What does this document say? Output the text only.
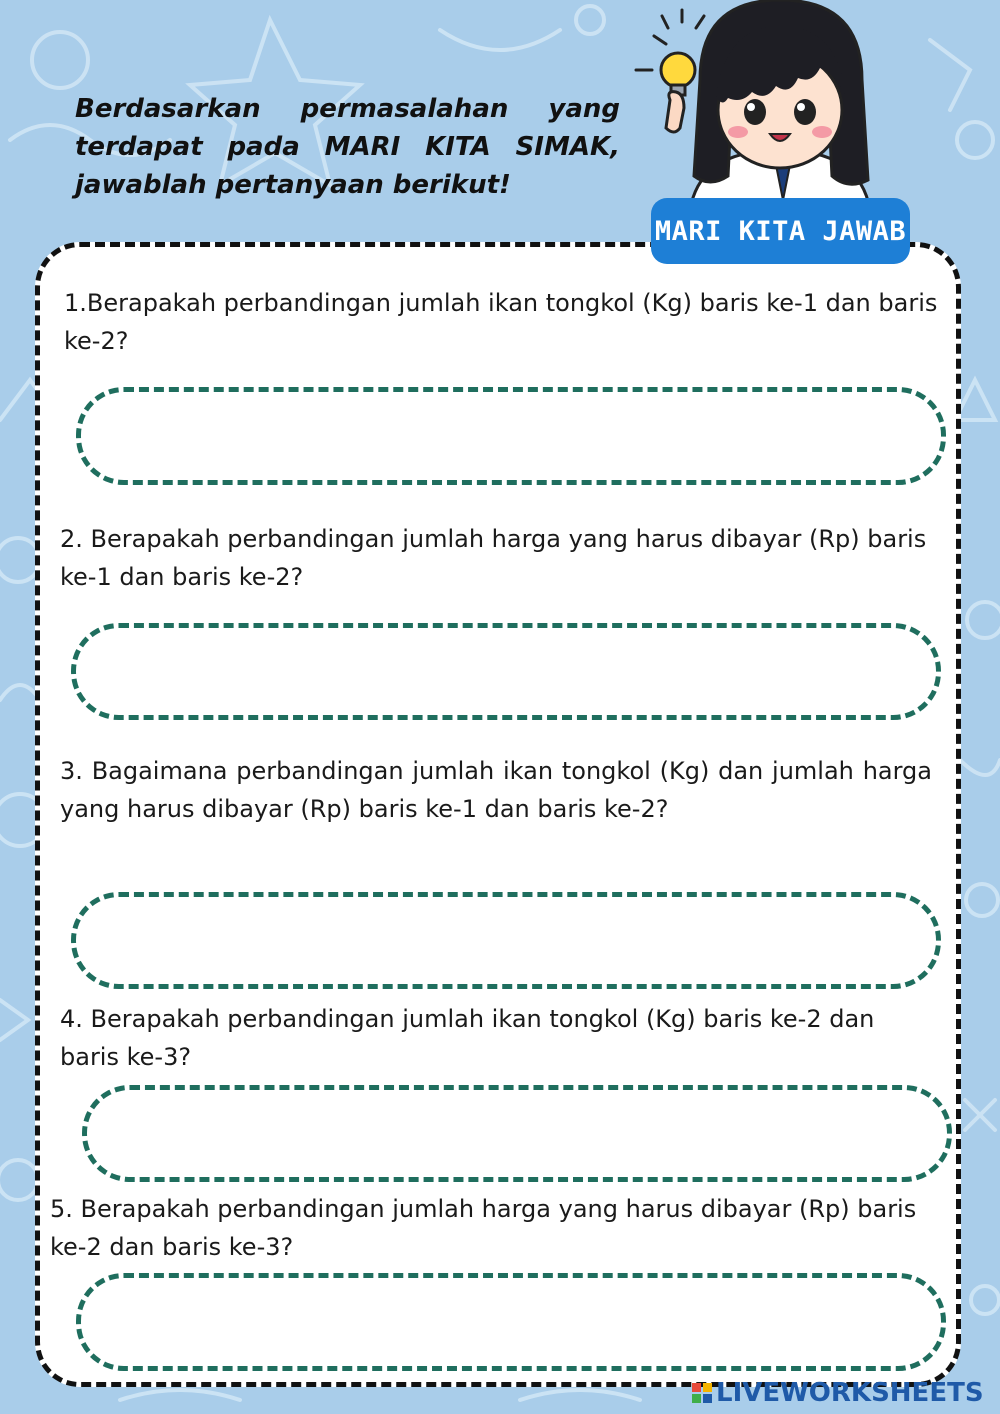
Berdasarkan permasalahan yang terdapat pada MARI KITA SIMAK, jawablah pertanyaan berikut!
MARI KITA JAWAB

1.Berapakah perbandingan jumlah ikan tongkol (Kg) baris ke-1 dan baris ke-2?

2. Berapakah perbandingan jumlah harga yang harus dibayar (Rp) baris ke-1 dan baris ke-2?

3. Bagaimana perbandingan jumlah ikan tongkol (Kg) dan jumlah harga yang harus dibayar (Rp) baris ke-1 dan baris ke-2?

4. Berapakah perbandingan jumlah ikan tongkol (Kg) baris ke-2 dan baris ke-3?

5. Berapakah perbandingan jumlah harga yang harus dibayar (Rp) baris ke-2 dan baris ke-3?

LIVEWORKSHEETS
